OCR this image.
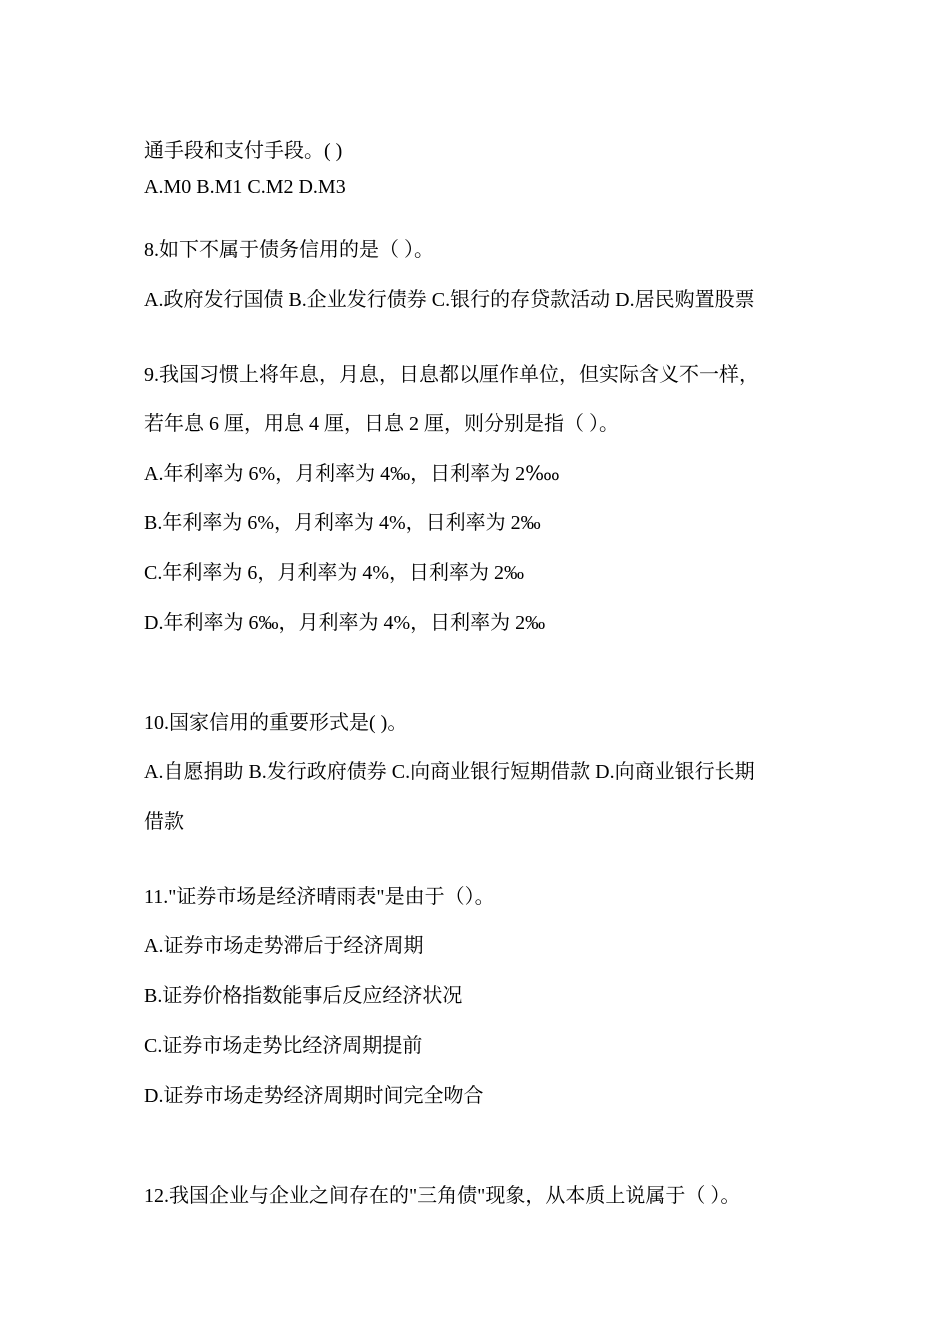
通手段和支付手段。( )
A.M0 B.M1 C.M2 D.M3
8.如下不属于债务信用的是（ ）。
A.政府发行国债 B.企业发行债券 C.银行的存贷款活动 D.居民购置股票
9.我国习惯上将年息，月息，日息都以厘作单位，但实际含义不一样，
若年息 6 厘，用息 4 厘，日息 2 厘，则分别是指（ ）。
A.年利率为 6%，月利率为 4‰，日利率为 2‱
B.年利率为 6%，月利率为 4%，日利率为 2‰
C.年利率为 6，月利率为 4%，日利率为 2‰
D.年利率为 6‰，月利率为 4%，日利率为 2‰
10.国家信用的重要形式是( )。
A.自愿捐助 B.发行政府债券 C.向商业银行短期借款 D.向商业银行长期
借款
11."证券市场是经济晴雨表"是由于（）。
A.证券市场走势滞后于经济周期
B.证券价格指数能事后反应经济状况
C.证券市场走势比经济周期提前
D.证券市场走势经济周期时间完全吻合
12.我国企业与企业之间存在的"三角债"现象，从本质上说属于（ ）。
